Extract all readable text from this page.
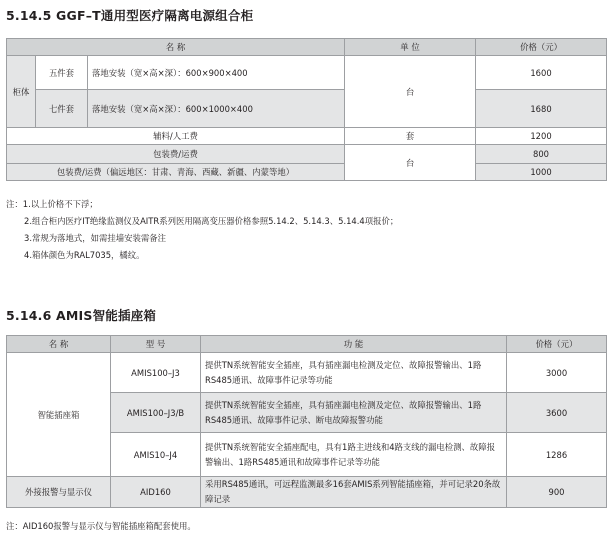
5.14.5 GGF–T通用型医疗隔离电源组合柜
名 称			单 位	价格（元）
柜体	五件套	落地安装（宽×高×深）：600×900×400	台	1600
	七件套	落地安装（宽×高×深）：600×1000×400		1680
辅料/人工费			套	1200
包装费/运费			台	800
包装费/运费（偏远地区：甘肃、青海、西藏、新疆、内蒙等地）				1000
注：1.以上价格不下浮；
2.组合柜内医疗IT绝缘监测仪及AITR系列医用隔离变压器价格参照5.14.2、5.14.3、5.14.4项报价；
3.常规为落地式，如需挂墙安装需备注
4.箱体颜色为RAL7035，橘纹。
5.14.6 AMIS智能插座箱
名 称	型 号	功 能	价格（元）
智能插座箱	AMIS100–J3	提供TN系统智能安全插座，具有插座漏电检测及定位、故障报警输出、1路RS485通讯、故障事件记录等功能	3000
	AMIS100–J3/B	提供TN系统智能安全插座，具有插座漏电检测及定位、故障报警输出、1路RS485通讯、故障事件记录、断电故障报警功能	3600
	AMIS10–J4	提供TN系统智能安全插座配电，具有1路主进线和4路支线的漏电检测、故障报警输出、1路RS485通讯和故障事件记录等功能	1286
外接报警与显示仪	AID160	采用RS485通讯，可远程监测最多16套AMIS系列智能插座箱，并可记录20条故障记录	900
注：AID160报警与显示仪与智能插座箱配套使用。
